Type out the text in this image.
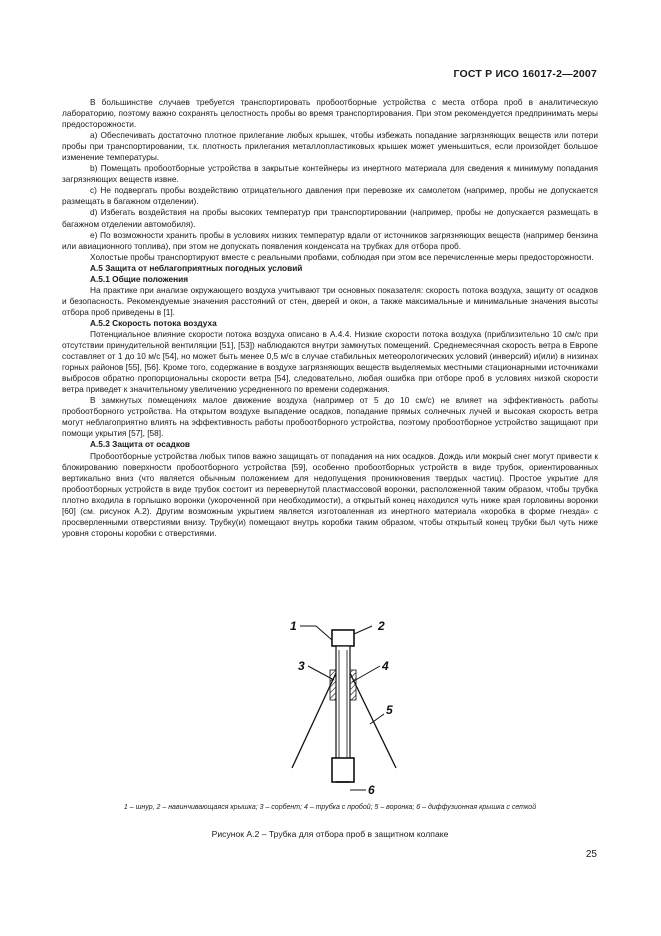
ГОСТ Р ИСО 16017-2—2007

В большинстве случаев требуется транспортировать пробоотборные устройства с места отбора проб в аналитическую лабораторию, поэтому важно сохранять целостность пробы во время транспортирования. При этом рекомендуется предпринимать меры предосторожности.

a) Обеспечивать достаточно плотное прилегание любых крышек, чтобы избежать попадание загрязняющих веществ или потери пробы при транспортировании, т.к. плотность прилегания металлопластиковых крышек может уменьшиться, если произойдет большое изменение температуры.

b) Помещать пробоотборные устройства в закрытые контейнеры из инертного материала для сведения к минимуму попадания загрязняющих веществ извне.

c) Не подвергать пробы воздействию отрицательного давления при перевозке их самолетом (например, пробы не допускается размещать в багажном отделении).

d) Избегать воздействия на пробы высоких температур при транспортировании (например, пробы не допускается размещать в багажном отделении автомобиля).

e) По возможности хранить пробы в условиях низких температур вдали от источников загрязняющих веществ (например бензина или авиационного топлива), при этом не допускать появления конденсата на трубках для отбора проб.

Холостые пробы транспортируют вместе с реальными пробами, соблюдая при этом все перечисленные меры предосторожности.

А.5 Защита от неблагоприятных погодных условий

А.5.1 Общие положения

На практике при анализе окружающего воздуха учитывают три основных показателя: скорость потока воздуха, защиту от осадков и безопасность. Рекомендуемые значения расстояний от стен, дверей и окон, а также максимальные и минимальные значения высоты отбора проб приведены в [1].

А.5.2 Скорость потока воздуха

Потенциальное влияние скорости потока воздуха описано в А.4.4. Низкие скорости потока воздуха (приблизительно 10 см/с при отсутствии принудительной вентиляции [51], [53]) наблюдаются внутри замкнутых помещений. Среднемесячная скорость ветра в Европе составляет от 1 до 10 м/с [54], но может быть менее 0,5 м/с в случае стабильных метеорологических условий (инверсий) и(или) в низинах горных районов [55], [56]. Кроме того, содержание в воздухе загрязняющих веществ выделяемых местными стационарными источниками выбросов обратно пропорциональны скорости ветра [54], следовательно, любая ошибка при отборе проб в условиях низкой скорости ветра приведет к значительному увеличению усредненного по времени содержания.

В замкнутых помещениях малое движение воздуха (например от 5 до 10 см/с) не влияет на эффективность работы пробоотборного устройства. На открытом воздухе выпадение осадков, попадание прямых солнечных лучей и высокая скорость ветра могут неблагоприятно влиять на эффективность работы пробоотборного устройства, поэтому пробоотборное устройство защищают при помощи укрытия [57], [58].

А.5.3 Защита от осадков

Пробоотборные устройства любых типов важно защищать от попадания на них осадков. Дождь или мокрый снег могут привести к блокированию поверхности пробоотборного устройства [59], особенно пробоотборных устройств в виде трубок, ориентированных вертикально вниз (что является обычным положением для недопущения проникновения твердых частиц). Простое укрытие для пробоотборных устройств в виде трубок состоит из перевернутой пластмассовой воронки, расположенной таким образом, чтобы трубка плотно входила в горлышко воронки (укороченной при необходимости), а открытый конец находился чуть ниже края горловины воронки [60] (см. рисунок А.2). Другим возможным укрытием является изготовленная из инертного материала «коробка в форме гнезда» с просверленными отверстиями внизу. Трубку(и) помещают внутрь коробки таким образом, чтобы открытый конец трубки был чуть ниже уровня стороны коробки с отверстиями.

1	2
3	4
5
6
1 – шнур, 2 – навинчивающаяся крышка; 3 – сорбент; 4 – трубка с пробой; 5 – воронка; 6 – диффузионная крышка с сеткой
Рисунок А.2 – Трубка для отбора проб в защитном колпаке
25
